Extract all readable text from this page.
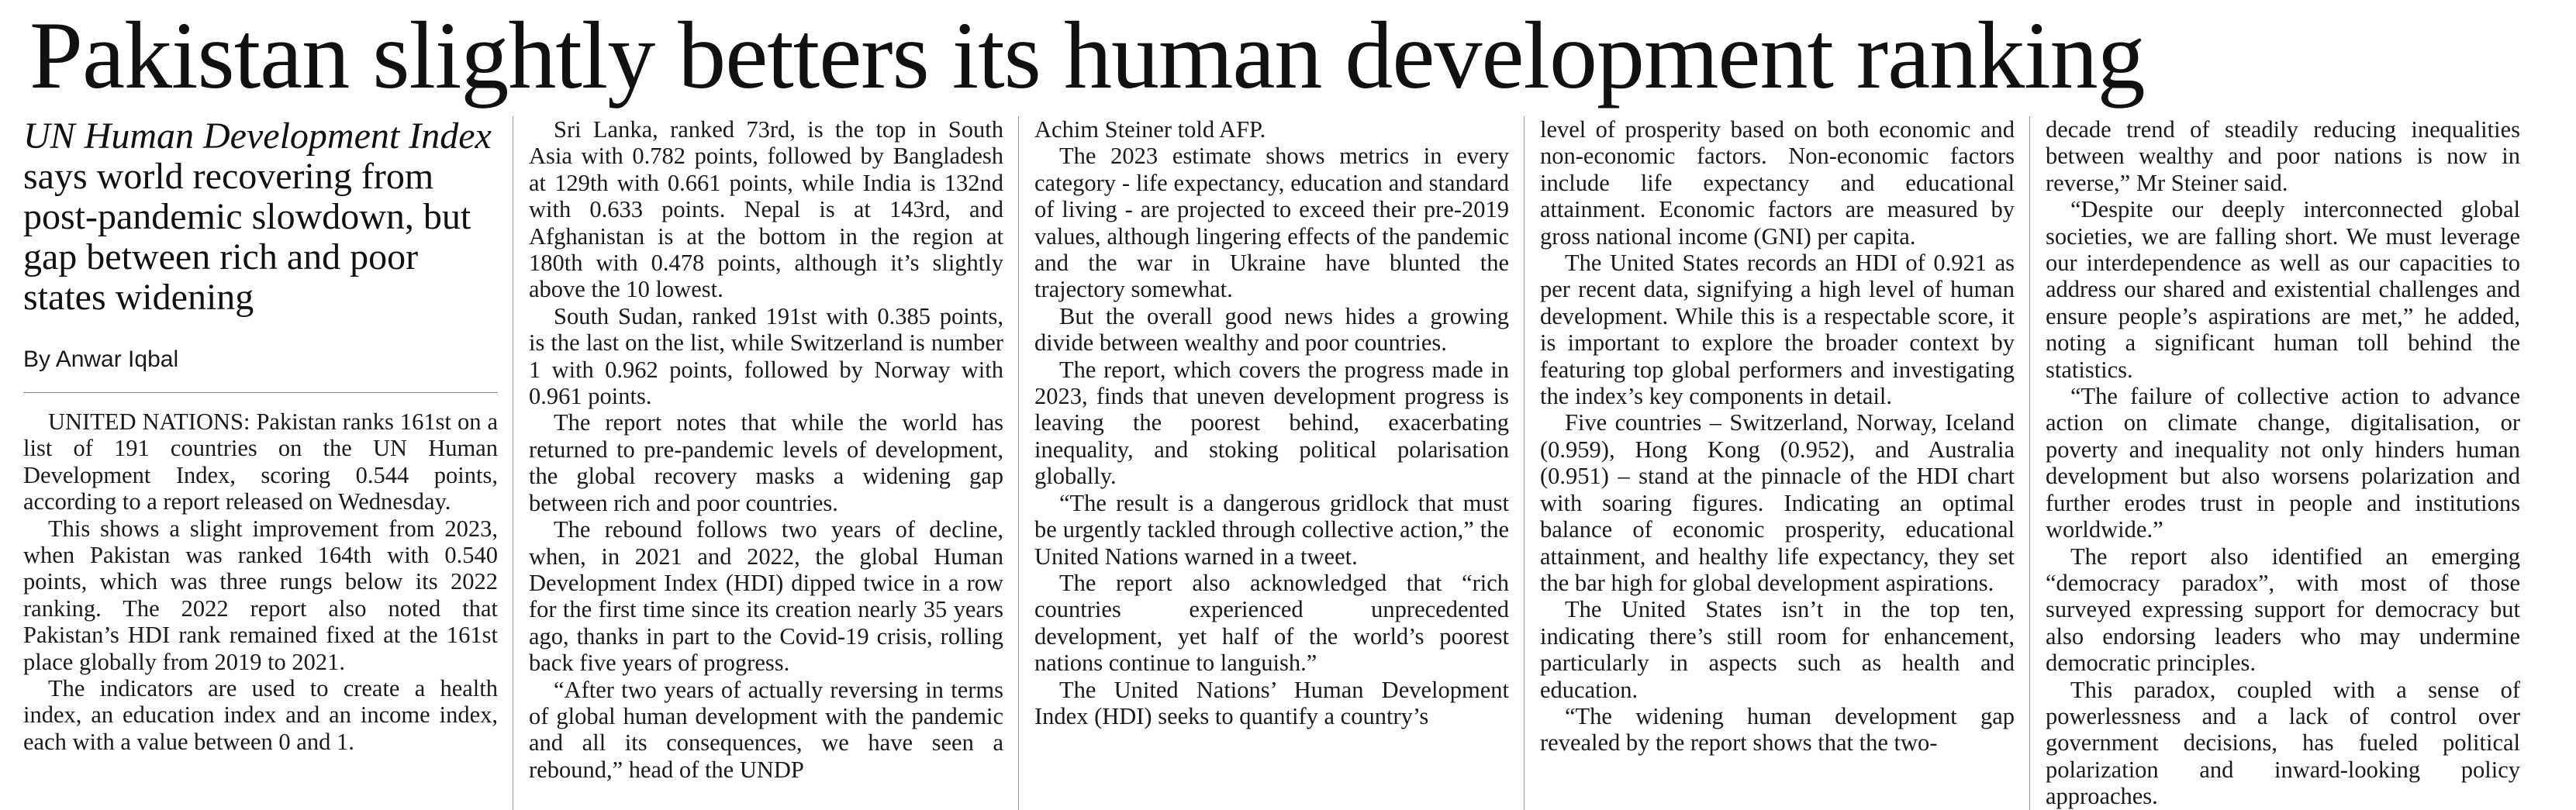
Pakistan slightly betters its human development ranking

UN Human Development Index says world recovering from post-pandemic slowdown, but gap between rich and poor states widening

By Anwar Iqbal

UNITED NATIONS: Pakistan ranks 161st on a list of 191 countries on the UN Human Development Index, scoring 0.544 points, according to a report released on Wednesday.

This shows a slight improvement from 2023, when Pakistan was ranked 164th with 0.540 points, which was three rungs below its 2022 ranking. The 2022 report also noted that Pakistan’s HDI rank remained fixed at the 161st place globally from 2019 to 2021.

The indicators are used to create a health index, an education index and an income index, each with a value between 0 and 1.

Sri Lanka, ranked 73rd, is the top in South Asia with 0.782 points, followed by Bangladesh at 129th with 0.661 points, while India is 132nd with 0.633 points. Nepal is at 143rd, and Afghanistan is at the bottom in the region at 180th with 0.478 points, although it’s slightly above the 10 lowest.

South Sudan, ranked 191st with 0.385 points, is the last on the list, while Switzerland is number 1 with 0.962 points, followed by Norway with 0.961 points.

The report notes that while the world has returned to pre-pandemic levels of development, the global recovery masks a widening gap between rich and poor countries.

The rebound follows two years of decline, when, in 2021 and 2022, the global Human Development Index (HDI) dipped twice in a row for the first time since its creation nearly 35 years ago, thanks in part to the Covid-19 crisis, rolling back five years of progress.

“After two years of actually reversing in terms of global human development with the pandemic and all its consequences, we have seen a rebound,” head of the UNDP

Achim Steiner told AFP.

The 2023 estimate shows metrics in every category - life expectancy, education and standard of living - are projected to exceed their pre-2019 values, although lingering effects of the pandemic and the war in Ukraine have blunted the trajectory somewhat.

But the overall good news hides a growing divide between wealthy and poor countries.

The report, which covers the progress made in 2023, finds that uneven development progress is leaving the poorest behind, exacerbating inequality, and stoking political polarisation globally.

“The result is a dangerous gridlock that must be urgently tackled through collective action,” the United Nations warned in a tweet.

The report also acknowledged that “rich countries experienced unprecedented development, yet half of the world’s poorest nations continue to languish.”

The United Nations’ Human Development Index (HDI) seeks to quantify a country’s

level of prosperity based on both economic and non-economic factors. Non-economic factors include life expectancy and educational attainment. Economic factors are measured by gross national income (GNI) per capita.

The United States records an HDI of 0.921 as per recent data, signifying a high level of human development. While this is a respectable score, it is important to explore the broader context by featuring top global performers and investigating the index’s key components in detail.

Five countries – Switzerland, Norway, Iceland (0.959), Hong Kong (0.952), and Australia (0.951) – stand at the pinnacle of the HDI chart with soaring figures. Indicating an optimal balance of economic prosperity, educational attainment, and healthy life expectancy, they set the bar high for global development aspirations.

The United States isn’t in the top ten, indicating there’s still room for enhancement, particularly in aspects such as health and education.

“The widening human development gap revealed by the report shows that the two-

decade trend of steadily reducing inequalities between wealthy and poor nations is now in reverse,” Mr Steiner said.

“Despite our deeply interconnected global societies, we are falling short. We must leverage our interdependence as well as our capacities to address our shared and existential challenges and ensure people’s aspirations are met,” he added, noting a significant human toll behind the statistics.

“The failure of collective action to advance action on climate change, digitalisation, or poverty and inequality not only hinders human development but also worsens polarization and further erodes trust in people and institutions worldwide.”

The report also identified an emerging “democracy paradox”, with most of those surveyed expressing support for democracy but also endorsing leaders who may undermine democratic principles.

This paradox, coupled with a sense of powerlessness and a lack of control over government decisions, has fueled political polarization and inward-looking policy approaches.
